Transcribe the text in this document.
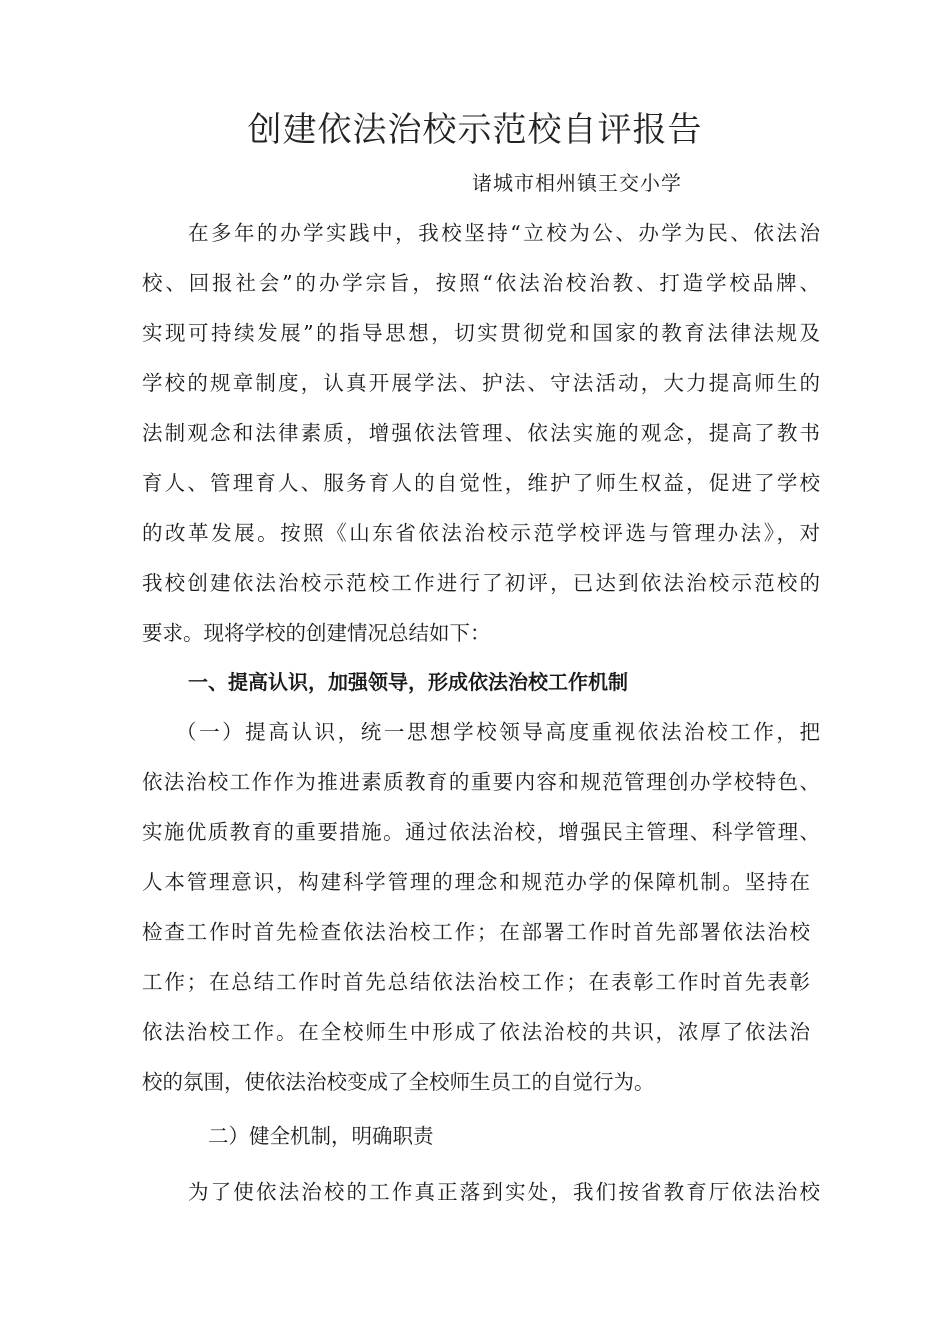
创建依法治校示范校自评报告
诸城市相州镇王交小学
在多年的办学实践中，我校坚持“立校为公、办学为民、依法治
校、回报社会”的办学宗旨，按照“依法治校治教、打造学校品牌、
实现可持续发展”的指导思想，切实贯彻党和国家的教育法律法规及
学校的规章制度，认真开展学法、护法、守法活动，大力提高师生的
法制观念和法律素质，增强依法管理、依法实施的观念，提高了教书
育人、管理育人、服务育人的自觉性，维护了师生权益，促进了学校
的改革发展。按照《山东省依法治校示范学校评选与管理办法》，对
我校创建依法治校示范校工作进行了初评，已达到依法治校示范校的
要求。现将学校的创建情况总结如下：
一、提高认识，加强领导，形成依法治校工作机制
（一）提高认识，统一思想学校领导高度重视依法治校工作，把
依法治校工作作为推进素质教育的重要内容和规范管理创办学校特色、
实施优质教育的重要措施。通过依法治校，增强民主管理、科学管理、
人本管理意识，构建科学管理的理念和规范办学的保障机制。坚持在
检查工作时首先检查依法治校工作；在部署工作时首先部署依法治校
工作；在总结工作时首先总结依法治校工作；在表彰工作时首先表彰
依法治校工作。在全校师生中形成了依法治校的共识，浓厚了依法治
校的氛围，使依法治校变成了全校师生员工的自觉行为。
二）健全机制，明确职责
为了使依法治校的工作真正落到实处，我们按省教育厅依法治校
